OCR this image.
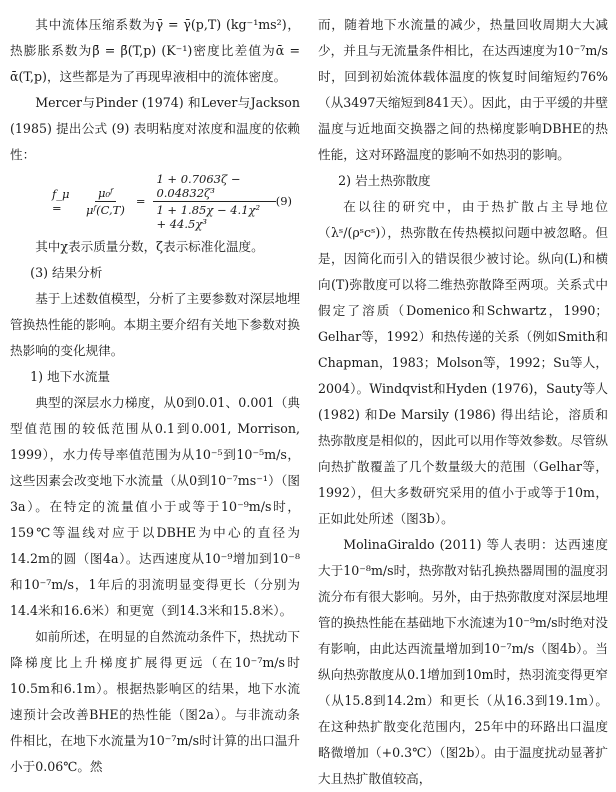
其中流体压缩系数为γ̄ = γ̄(p,T) (kg⁻¹ms²)，热膨胀系数为β̄ = β̄(T,p) (K⁻¹)密度比差值为ᾱ = ᾱ(T,p)，这些都是为了再现卑液相中的流体密度。

Mercer与Pinder (1974) 和Lever与Jackson (1985) 提出公式 (9) 表明粘度对浓度和温度的依赖性：

f_μ =	$\frac{\text{μ₀ᶠ}}{\text{μᶠ(C,T)}} = \frac{\text{1 + 0.7063ζ − 0.04832ζ³}}{\text{1 + 1.85χ − 4.1χ² + 44.5χ³}} (9)$

其中χ表示质量分数，ζ表示标准化温度。

(3) 结果分析

基于上述数值模型，分析了主要参数对深层地埋管换热性能的影响。本期主要介绍有关地下参数对换热影响的变化规律。

1) 地下水流量

典型的深层水力梯度，从0到0.01、0.001（典型值范围的较低范围从0.1到0.001, Morrison, 1999），水力传导率值范围为从10⁻⁵到10⁻⁵m/s，这些因素会改变地下水流量（从0到10⁻⁷ms⁻¹）（图3a）。在特定的流量值小于或等于10⁻⁹m/s时，159℃等温线对应于以DBHE为中心的直径为14.2m的圆（图4a）。达西速度从10⁻⁹增加到10⁻⁸和10⁻⁷m/s，1年后的羽流明显变得更长（分别为14.4米和16.6米）和更宽（到14.3米和15.8米）。

如前所述，在明显的自然流动条件下，热扰动下降梯度比上升梯度扩展得更远（在10⁻⁷m/s时10.5m和6.1m）。根据热影响区的结果，地下水流速预计会改善BHE的热性能（图2a）。与非流动条件相比，在地下水流量为10⁻⁷m/s时计算的出口温升小于0.06℃。然

而，随着地下水流量的减少，热量回收周期大大减少，并且与无流量条件相比，在达西速度为10⁻⁷m/s时，回到初始流体载体温度的恢复时间缩短约76%（从3497天缩短到841天）。因此，由于平缓的井壁温度与近地面交换器之间的热梯度影响DBHE的热性能，这对环路温度的影响不如热羽的影响。

2) 岩土热弥散度

在以往的研究中，由于热扩散占主导地位（λˢ/(ρˢcˢ)），热弥散在传热模拟问题中被忽略。但是，因简化而引入的错误很少被讨论。纵向(L)和横向(T)弥散度可以将二维热弥散降至两项。关系式中假定了溶质（Domenico和Schwartz，1990；Gelhar等，1992）和热传递的关系（例如Smith和Chapman，1983；Molson等，1992；Su等人，2004）。Windqvist和Hyden (1976)，Sauty等人 (1982) 和De Marsily (1986) 得出结论，溶质和热弥散度是相似的，因此可以用作等效参数。尽管纵向热扩散覆盖了几个数量级大的范围（Gelhar等，1992），但大多数研究采用的值小于或等于10m，正如此处所述（图3b）。

MolinaGiraldo (2011) 等人表明：达西速度大于10⁻⁸m/s时，热弥散对钻孔换热器周围的温度羽流分布有很大影响。另外，由于热弥散度对深层地埋管的换热性能在基础地下水流速为10⁻⁹m/s时绝对没有影响，由此达西流量增加到10⁻⁷m/s（图4b）。当纵向热弥散度从0.1增加到10m时，热羽流变得更窄（从15.8到14.2m）和更长（从16.3到19.1m）。在这种热扩散变化范围内，25年中的环路出口温度略微增加（+0.3℃）（图2b）。由于温度扰动显著扩大且热扩散值较高，
